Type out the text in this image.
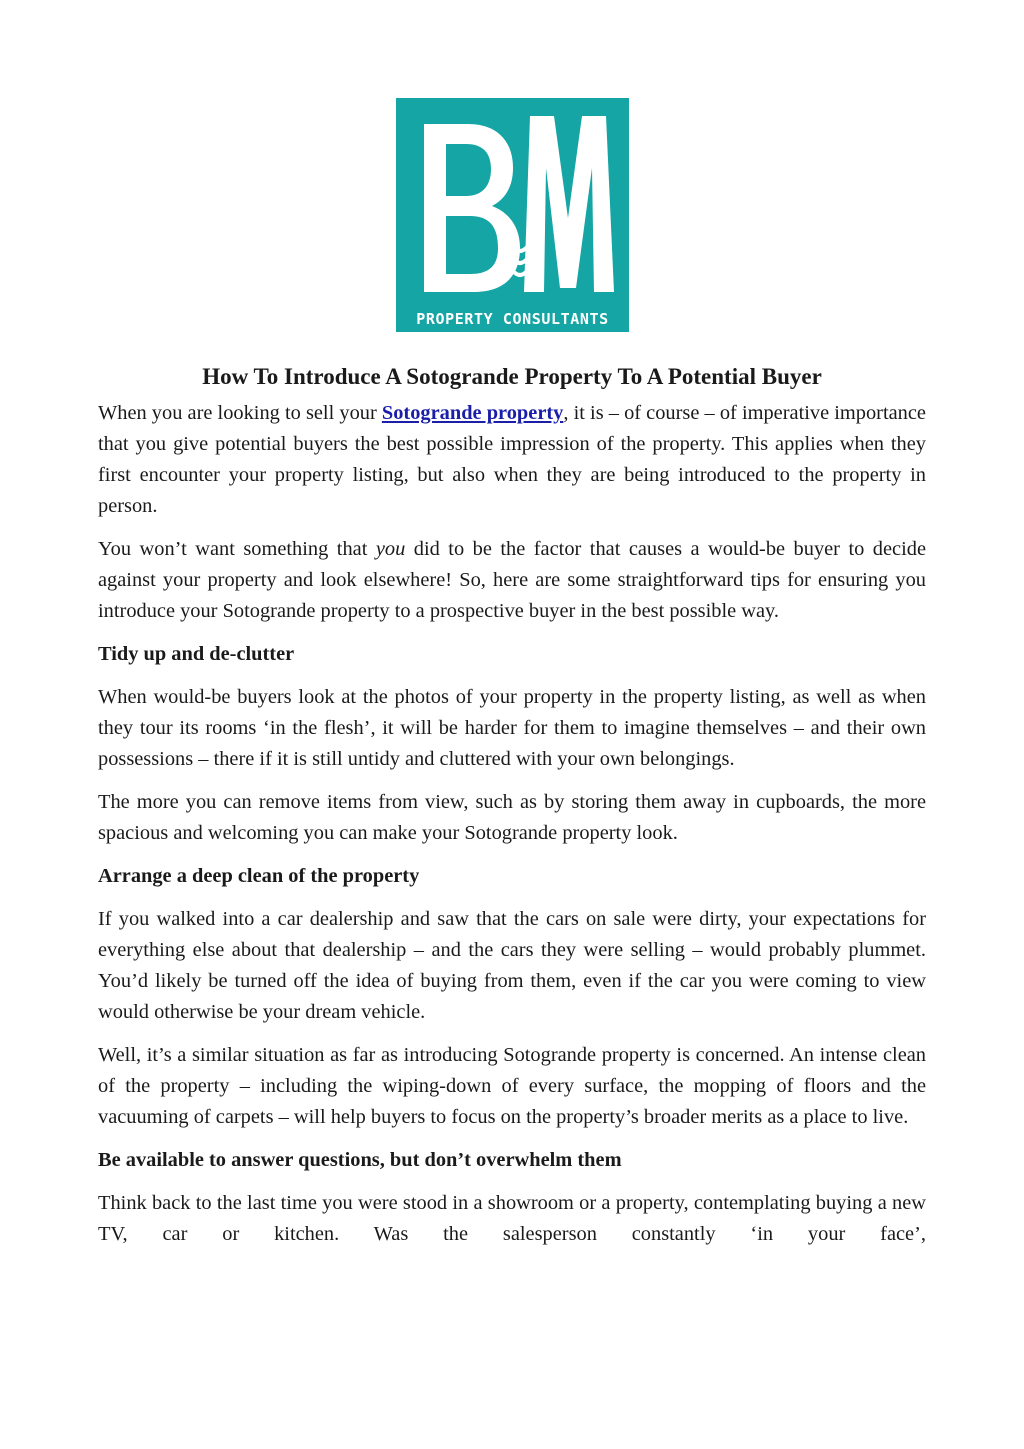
PROPERTY CONSULTANTS
How To Introduce A Sotogrande Property To A Potential Buyer

When you are looking to sell your Sotogrande property, it is – of course – of imperative importance that you give potential buyers the best possible impression of the property. This applies when they first encounter your property listing, but also when they are being introduced to the property in person.

You won’t want something that you did to be the factor that causes a would-be buyer to decide against your property and look elsewhere! So, here are some straightforward tips for ensuring you introduce your Sotogrande property to a prospective buyer in the best possible way.

Tidy up and de-clutter

When would-be buyers look at the photos of your property in the property listing, as well as when they tour its rooms ‘in the flesh’, it will be harder for them to imagine themselves – and their own possessions – there if it is still untidy and cluttered with your own belongings.

The more you can remove items from view, such as by storing them away in cupboards, the more spacious and welcoming you can make your Sotogrande property look.

Arrange a deep clean of the property

If you walked into a car dealership and saw that the cars on sale were dirty, your expectations for everything else about that dealership – and the cars they were selling – would probably plummet. You’d likely be turned off the idea of buying from them, even if the car you were coming to view would otherwise be your dream vehicle.

Well, it’s a similar situation as far as introducing Sotogrande property is concerned. An intense clean of the property – including the wiping-down of every surface, the mopping of floors and the vacuuming of carpets – will help buyers to focus on the property’s broader merits as a place to live.

Be available to answer questions, but don’t overwhelm them

Think back to the last time you were stood in a showroom or a property, contemplating buying a new TV, car or kitchen. Was the salesperson constantly ‘in your face’,
